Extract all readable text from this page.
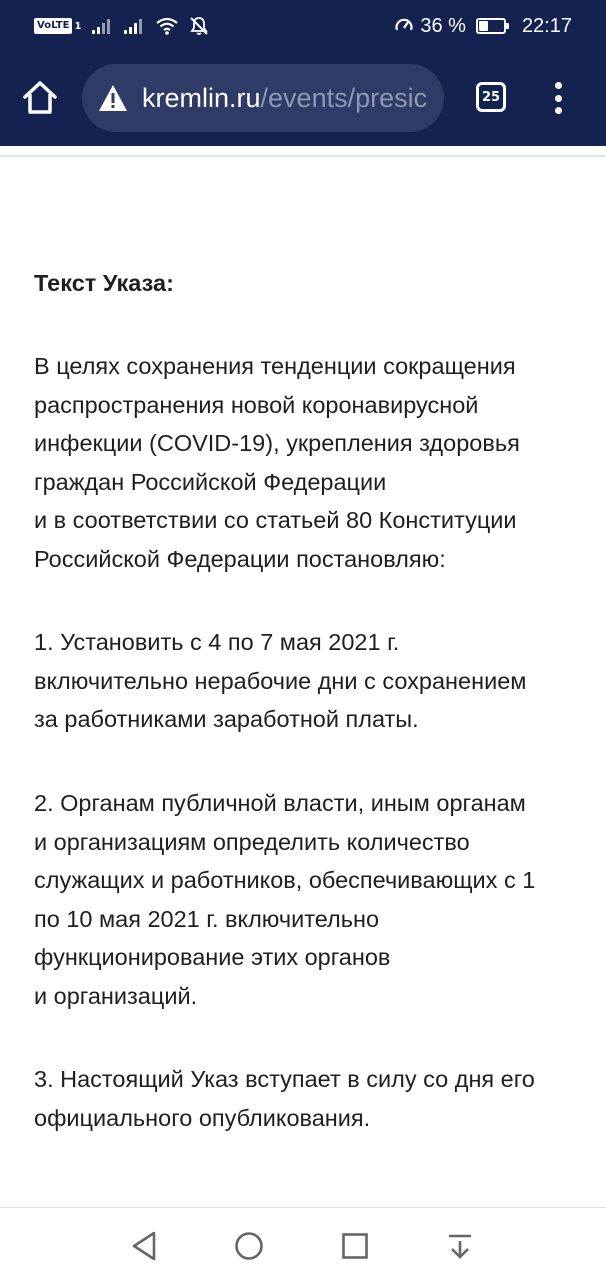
VoLTE 1	36 %	22:17
kremlin.ru/events/presic	25
Текст Указа:
В целях сохранения тенденции сокращения
распространения новой коронавирусной
инфекции (COVID-19), укрепления здоровья
граждан Российской Федерации
и в соответствии со статьей 80 Конституции
Российской Федерации постановляю:
1. Установить с 4 по 7 мая 2021 г.
включительно нерабочие дни с сохранением
за работниками заработной платы.
2. Органам публичной власти, иным органам
и организациям определить количество
служащих и работников, обеспечивающих с 1
по 10 мая 2021 г. включительно
функционирование этих органов
и организаций.
3. Настоящий Указ вступает в силу со дня его
официального опубликования.
